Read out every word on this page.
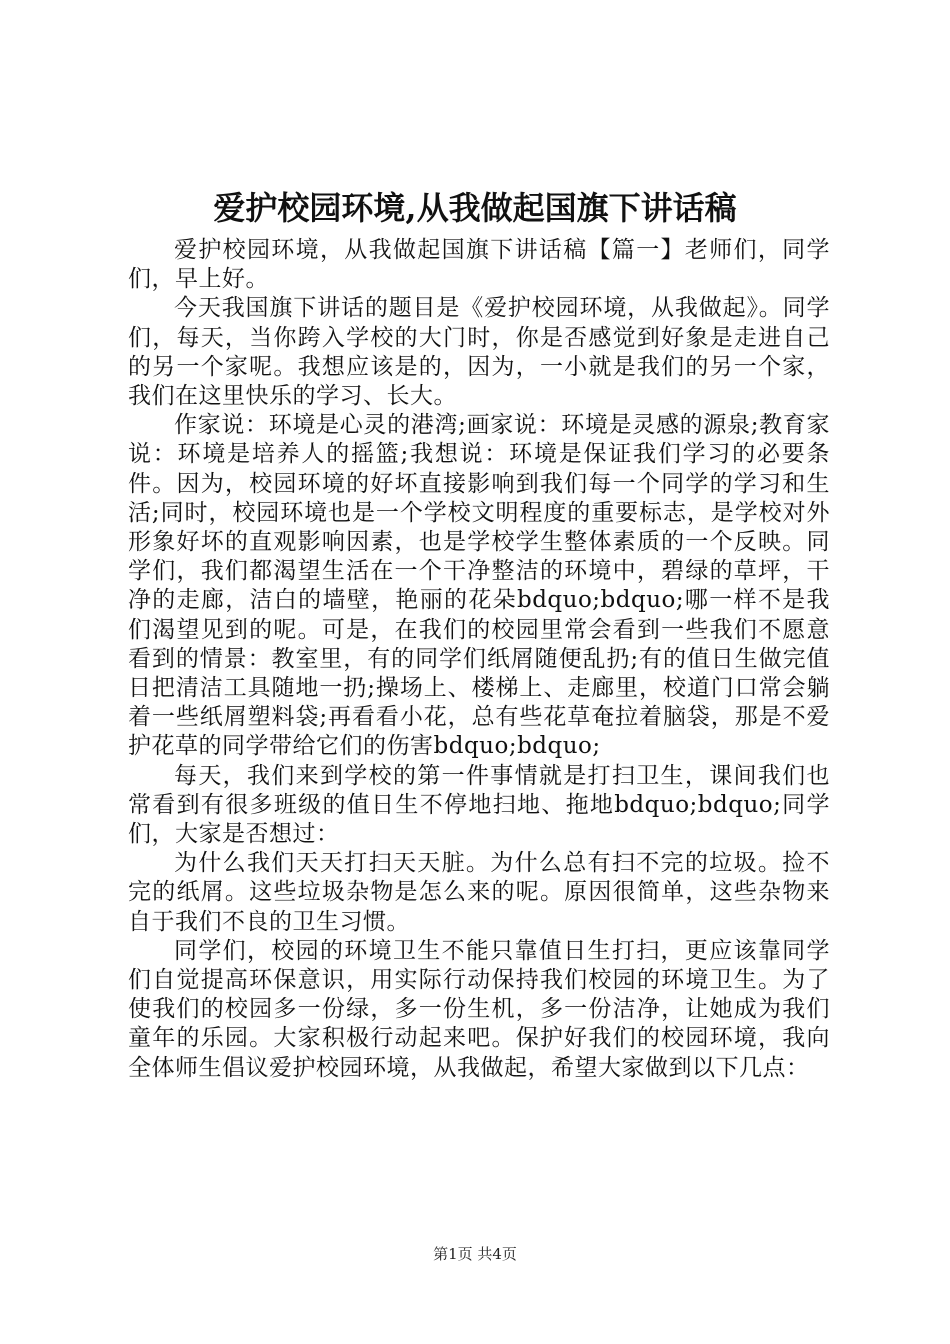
爱护校园环境,从我做起国旗下讲话稿

爱护校园环境，从我做起国旗下讲话稿【篇一】老师们，同学们，早上好。

今天我国旗下讲话的题目是《爱护校园环境，从我做起》。同学们，每天，当你跨入学校的大门时，你是否感觉到好象是走进自己的另一个家呢。我想应该是的，因为，一小就是我们的另一个家，我们在这里快乐的学习、长大。

作家说：环境是心灵的港湾;画家说：环境是灵感的源泉;教育家说：环境是培养人的摇篮;我想说：环境是保证我们学习的必要条件。因为，校园环境的好坏直接影响到我们每一个同学的学习和生活;同时，校园环境也是一个学校文明程度的重要标志，是学校对外形象好坏的直观影响因素，也是学校学生整体素质的一个反映。同学们，我们都渴望生活在一个干净整洁的环境中，碧绿的草坪，干净的走廊，洁白的墙壁，艳丽的花朵bdquo;bdquo;哪一样不是我们渴望见到的呢。可是，在我们的校园里常会看到一些我们不愿意看到的情景：教室里，有的同学们纸屑随便乱扔;有的值日生做完值日把清洁工具随地一扔;操场上、楼梯上、走廊里，校道门口常会躺着一些纸屑塑料袋;再看看小花，总有些花草奄拉着脑袋，那是不爱护花草的同学带给它们的伤害bdquo;bdquo;

每天，我们来到学校的第一件事情就是打扫卫生，课间我们也常看到有很多班级的值日生不停地扫地、拖地bdquo;bdquo;同学们，大家是否想过：

为什么我们天天打扫天天脏。为什么总有扫不完的垃圾。捡不完的纸屑。这些垃圾杂物是怎么来的呢。原因很简单，这些杂物来自于我们不良的卫生习惯。

同学们，校园的环境卫生不能只靠值日生打扫，更应该靠同学们自觉提高环保意识，用实际行动保持我们校园的环境卫生。为了使我们的校园多一份绿，多一份生机，多一份洁净，让她成为我们童年的乐园。大家积极行动起来吧。保护好我们的校园环境，我向全体师生倡议爱护校园环境，从我做起，希望大家做到以下几点：

第1页 共4页
